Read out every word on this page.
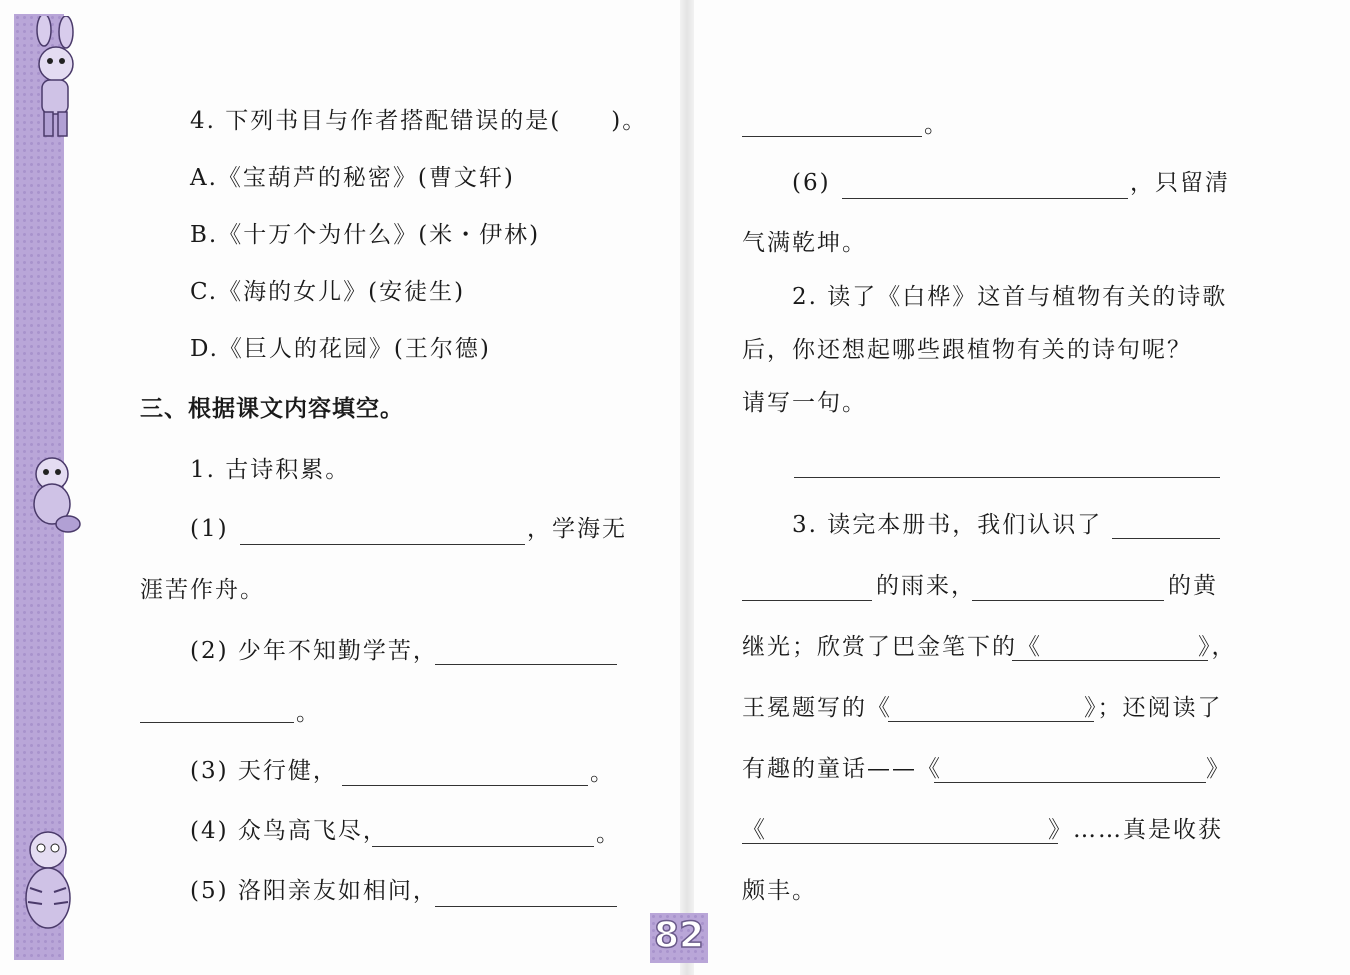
4. 下列书目与作者搭配错误的是(　　)。
A.《宝葫芦的秘密》(曹文轩)
B.《十万个为什么》(米・伊林)
C.《海的女儿》(安徒生)
D.《巨人的花园》(王尔德)
三、根据课文内容填空。
1. 古诗积累。
(1)	，学海无
涯苦作舟。
(2) 少年不知勤学苦，
。
(3) 天行健，	。
(4) 众鸟高飞尽，	。
(5) 洛阳亲友如相问，
。
(6)	，只留清
气满乾坤。
2. 读了《白桦》这首与植物有关的诗歌
后，你还想起哪些跟植物有关的诗句呢？
请写一句。
3. 读完本册书，我们认识了
的雨来，	的黄
继光；欣赏了巴金笔下的《	》，
王冕题写的《	》；还阅读了
有趣的童话——《	》
《	》……真是收获
颇丰。
82
